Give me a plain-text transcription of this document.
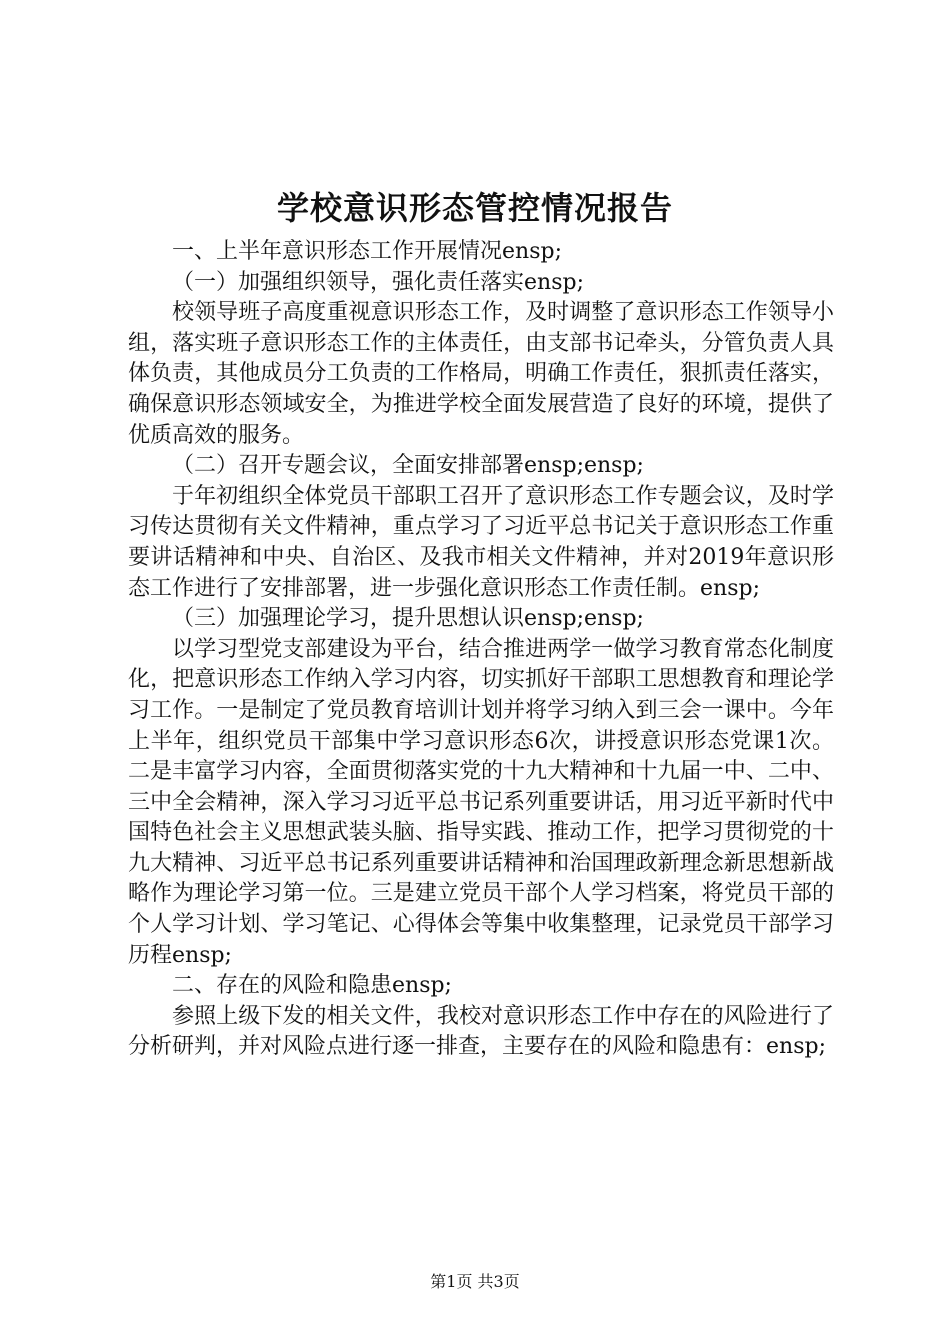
学校意识形态管控情况报告

一、上半年意识形态工作开展情况ensp;

（一）加强组织领导，强化责任落实ensp;

校领导班子高度重视意识形态工作，及时调整了意识形态工作领导小组，落实班子意识形态工作的主体责任，由支部书记牵头，分管负责人具体负责，其他成员分工负责的工作格局，明确工作责任，狠抓责任落实，确保意识形态领域安全，为推进学校全面发展营造了良好的环境，提供了优质高效的服务。

（二）召开专题会议，全面安排部署ensp;ensp;

于年初组织全体党员干部职工召开了意识形态工作专题会议，及时学习传达贯彻有关文件精神，重点学习了习近平总书记关于意识形态工作重要讲话精神和中央、自治区、及我市相关文件精神，并对2019年意识形态工作进行了安排部署，进一步强化意识形态工作责任制。ensp;

（三）加强理论学习，提升思想认识ensp;ensp;

以学习型党支部建设为平台，结合推进两学一做学习教育常态化制度化，把意识形态工作纳入学习内容，切实抓好干部职工思想教育和理论学习工作。一是制定了党员教育培训计划并将学习纳入到三会一课中。今年上半年，组织党员干部集中学习意识形态6次，讲授意识形态党课1次。二是丰富学习内容，全面贯彻落实党的十九大精神和十九届一中、二中、三中全会精神，深入学习习近平总书记系列重要讲话，用习近平新时代中国特色社会主义思想武装头脑、指导实践、推动工作，把学习贯彻党的十九大精神、习近平总书记系列重要讲话精神和治国理政新理念新思想新战略作为理论学习第一位。三是建立党员干部个人学习档案，将党员干部的个人学习计划、学习笔记、心得体会等集中收集整理，记录党员干部学习历程ensp;

二、存在的风险和隐患ensp;

参照上级下发的相关文件，我校对意识形态工作中存在的风险进行了分析研判，并对风险点进行逐一排查，主要存在的风险和隐患有：ensp;

第1页 共3页
